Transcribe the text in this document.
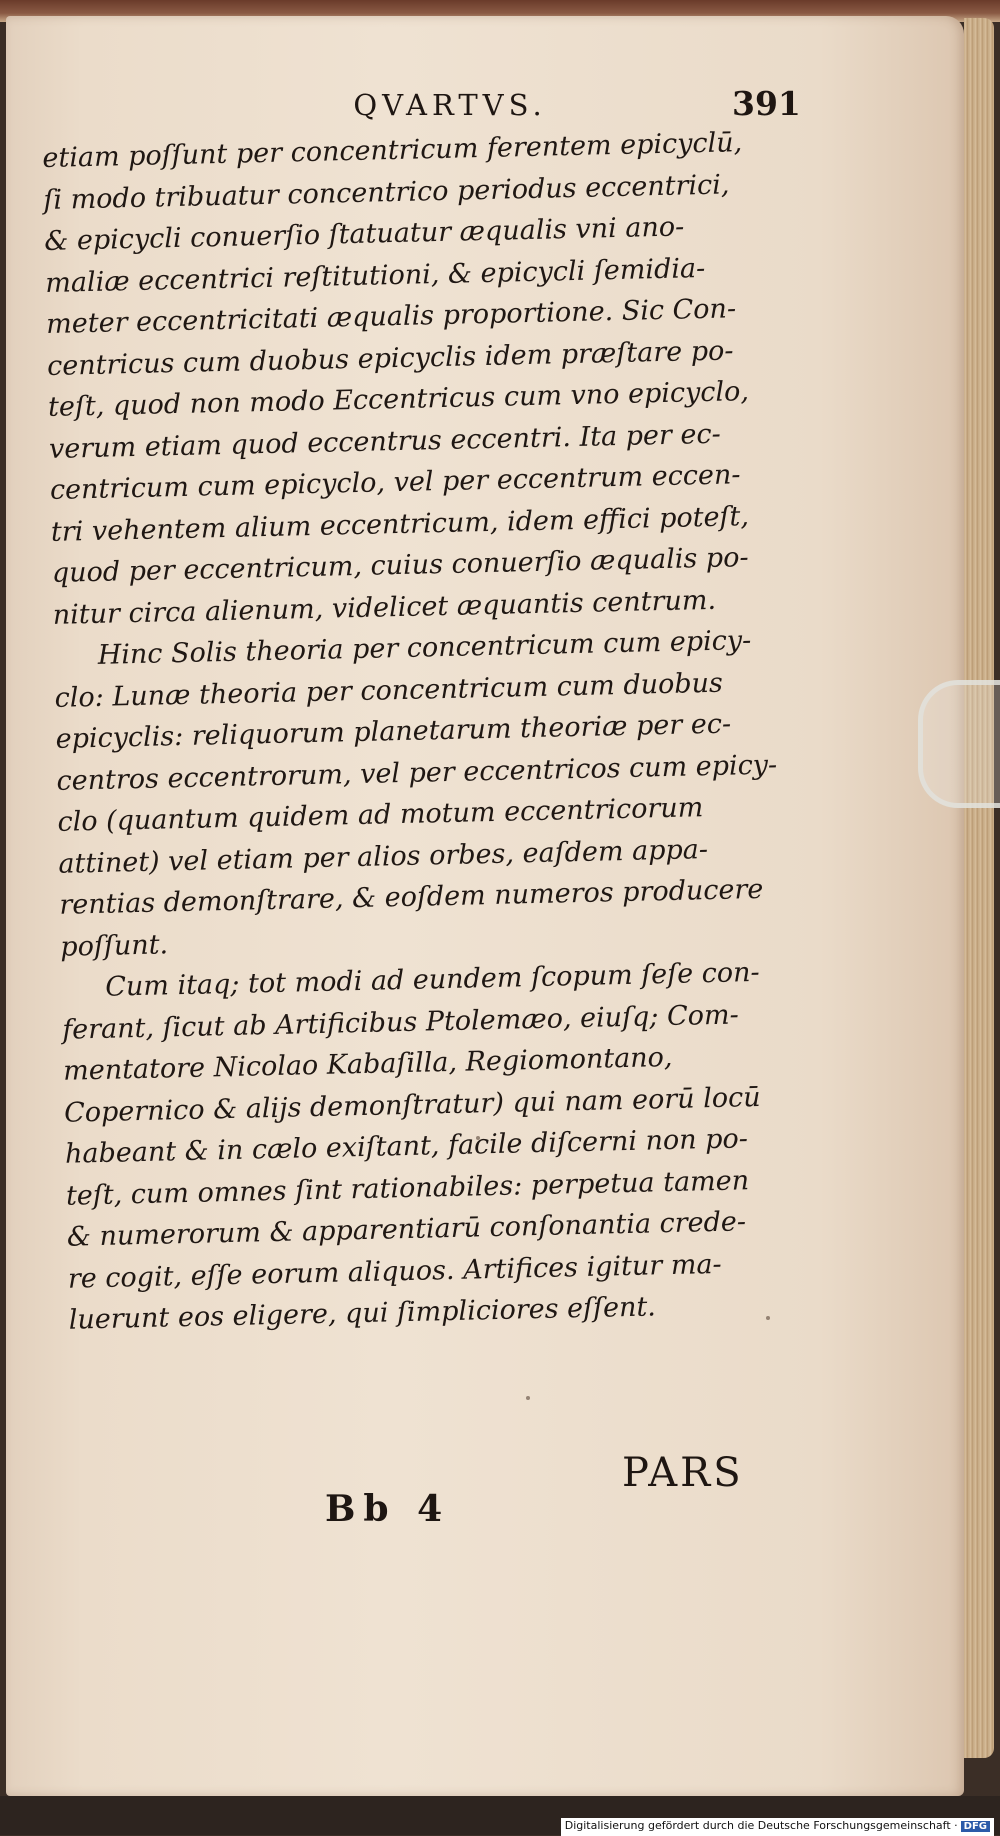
QVARTVS.	391
etiam poſſunt per concentricum ferentem epicyclū,
ſi modo tribuatur concentrico periodus eccentrici,
& epicycli conuerſio ſtatuatur æqualis vni ano-
maliæ eccentrici reſtitutioni, & epicycli ſemidia-
meter eccentricitati æqualis proportione. Sic Con-
centricus cum duobus epicyclis idem præſtare po-
teſt, quod non modo Eccentricus cum vno epicyclo,
verum etiam quod eccentrus eccentri. Ita per ec-
centricum cum epicyclo, vel per eccentrum eccen-
tri vehentem alium eccentricum, idem effici poteſt,
quod per eccentricum, cuius conuerſio æqualis po-
nitur circa alienum, videlicet æquantis centrum.
Hinc Solis theoria per concentricum cum epicy-
clo: Lunæ theoria per concentricum cum duobus
epicyclis: reliquorum planetarum theoriæ per ec-
centros eccentrorum, vel per eccentricos cum epicy-
clo (quantum quidem ad motum eccentricorum
attinet) vel etiam per alios orbes, eaſdem appa-
rentias demonſtrare, & eoſdem numeros producere
poſſunt.
Cum itaq; tot modi ad eundem ſcopum ſeſe con-
ferant, ſicut ab Artificibus Ptolemæo, eiuſq; Com-
mentatore Nicolao Kabaſilla, Regiomontano,
Copernico & alijs demonſtratur) qui nam eorū locū
habeant & in cælo exiſtant, facile diſcerni non po-
teſt, cum omnes ſint rationabiles: perpetua tamen
& numerorum & apparentiarū conſonantia crede-
re cogit, eſſe eorum aliquos. Artifices igitur ma-
luerunt eos eligere, qui ſimpliciores eſſent.
Bb 4
PARS
Digitalisierung gefördert durch die Deutsche Forschungsgemeinschaft · DFG
